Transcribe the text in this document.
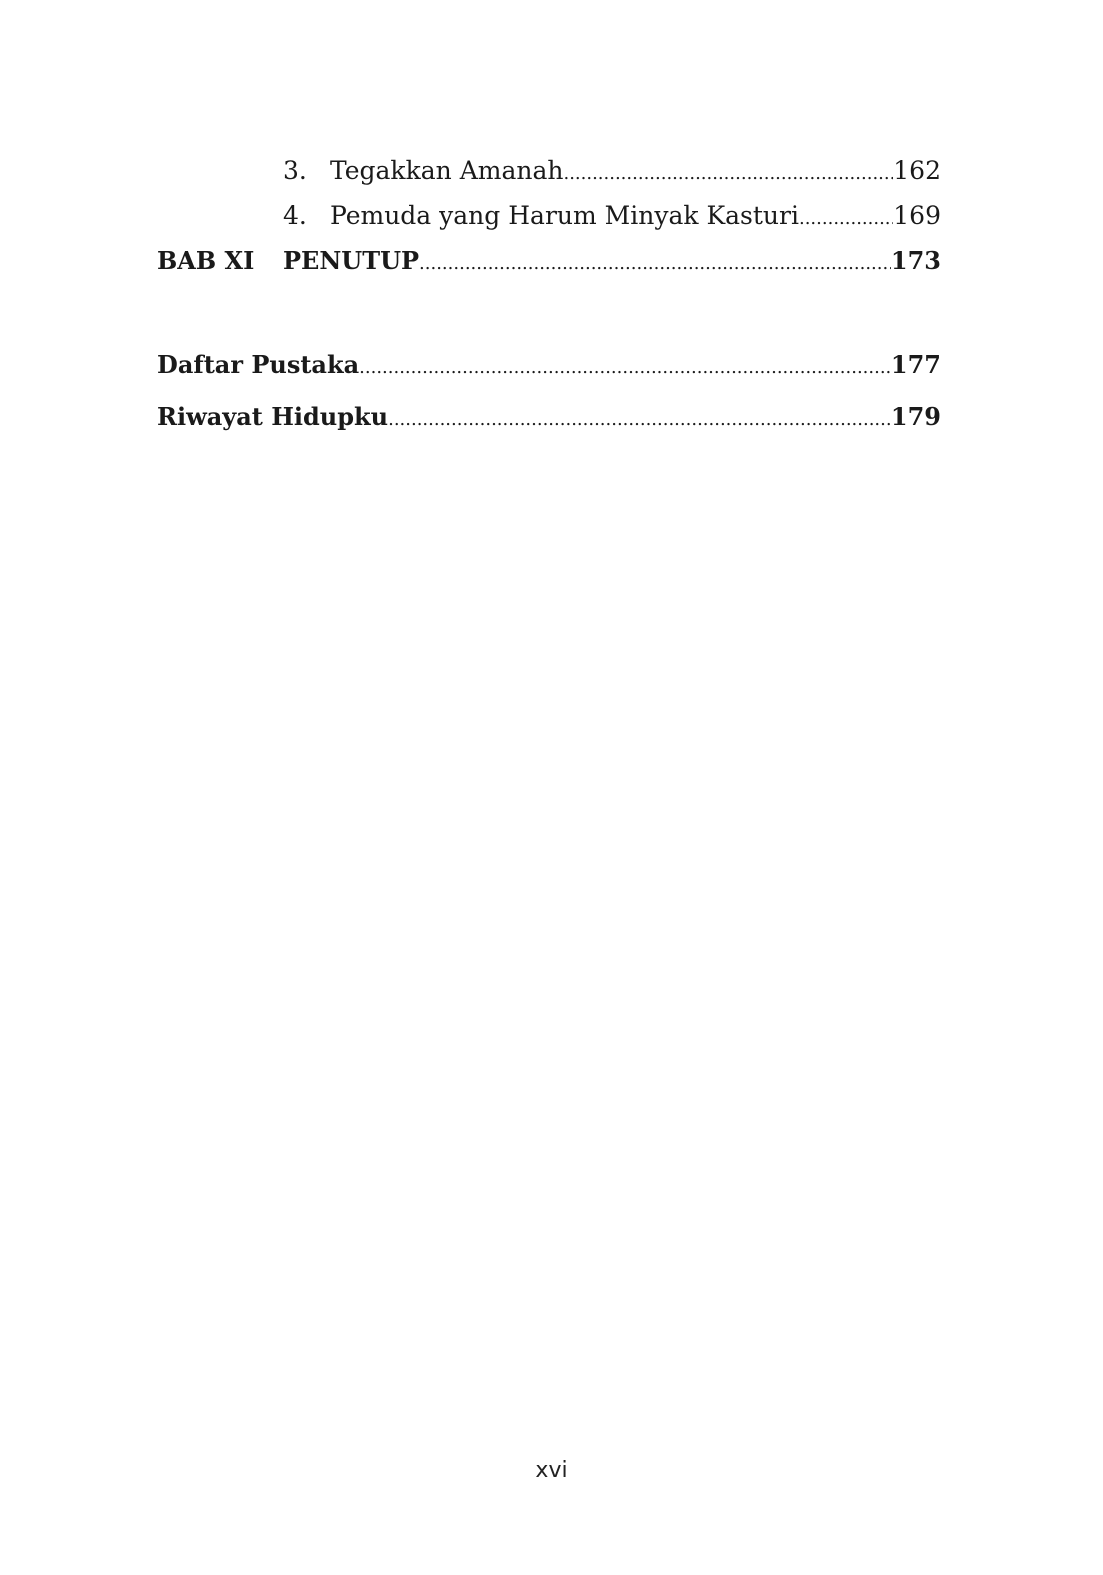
3. Tegakkan Amanah .....	162
4. Pemuda yang Harum Minyak Kasturi .....	169
BAB XI	PENUTUP .....	173
Daftar Pustaka .....	177
Riwayat Hidupku .....	179
xvi
